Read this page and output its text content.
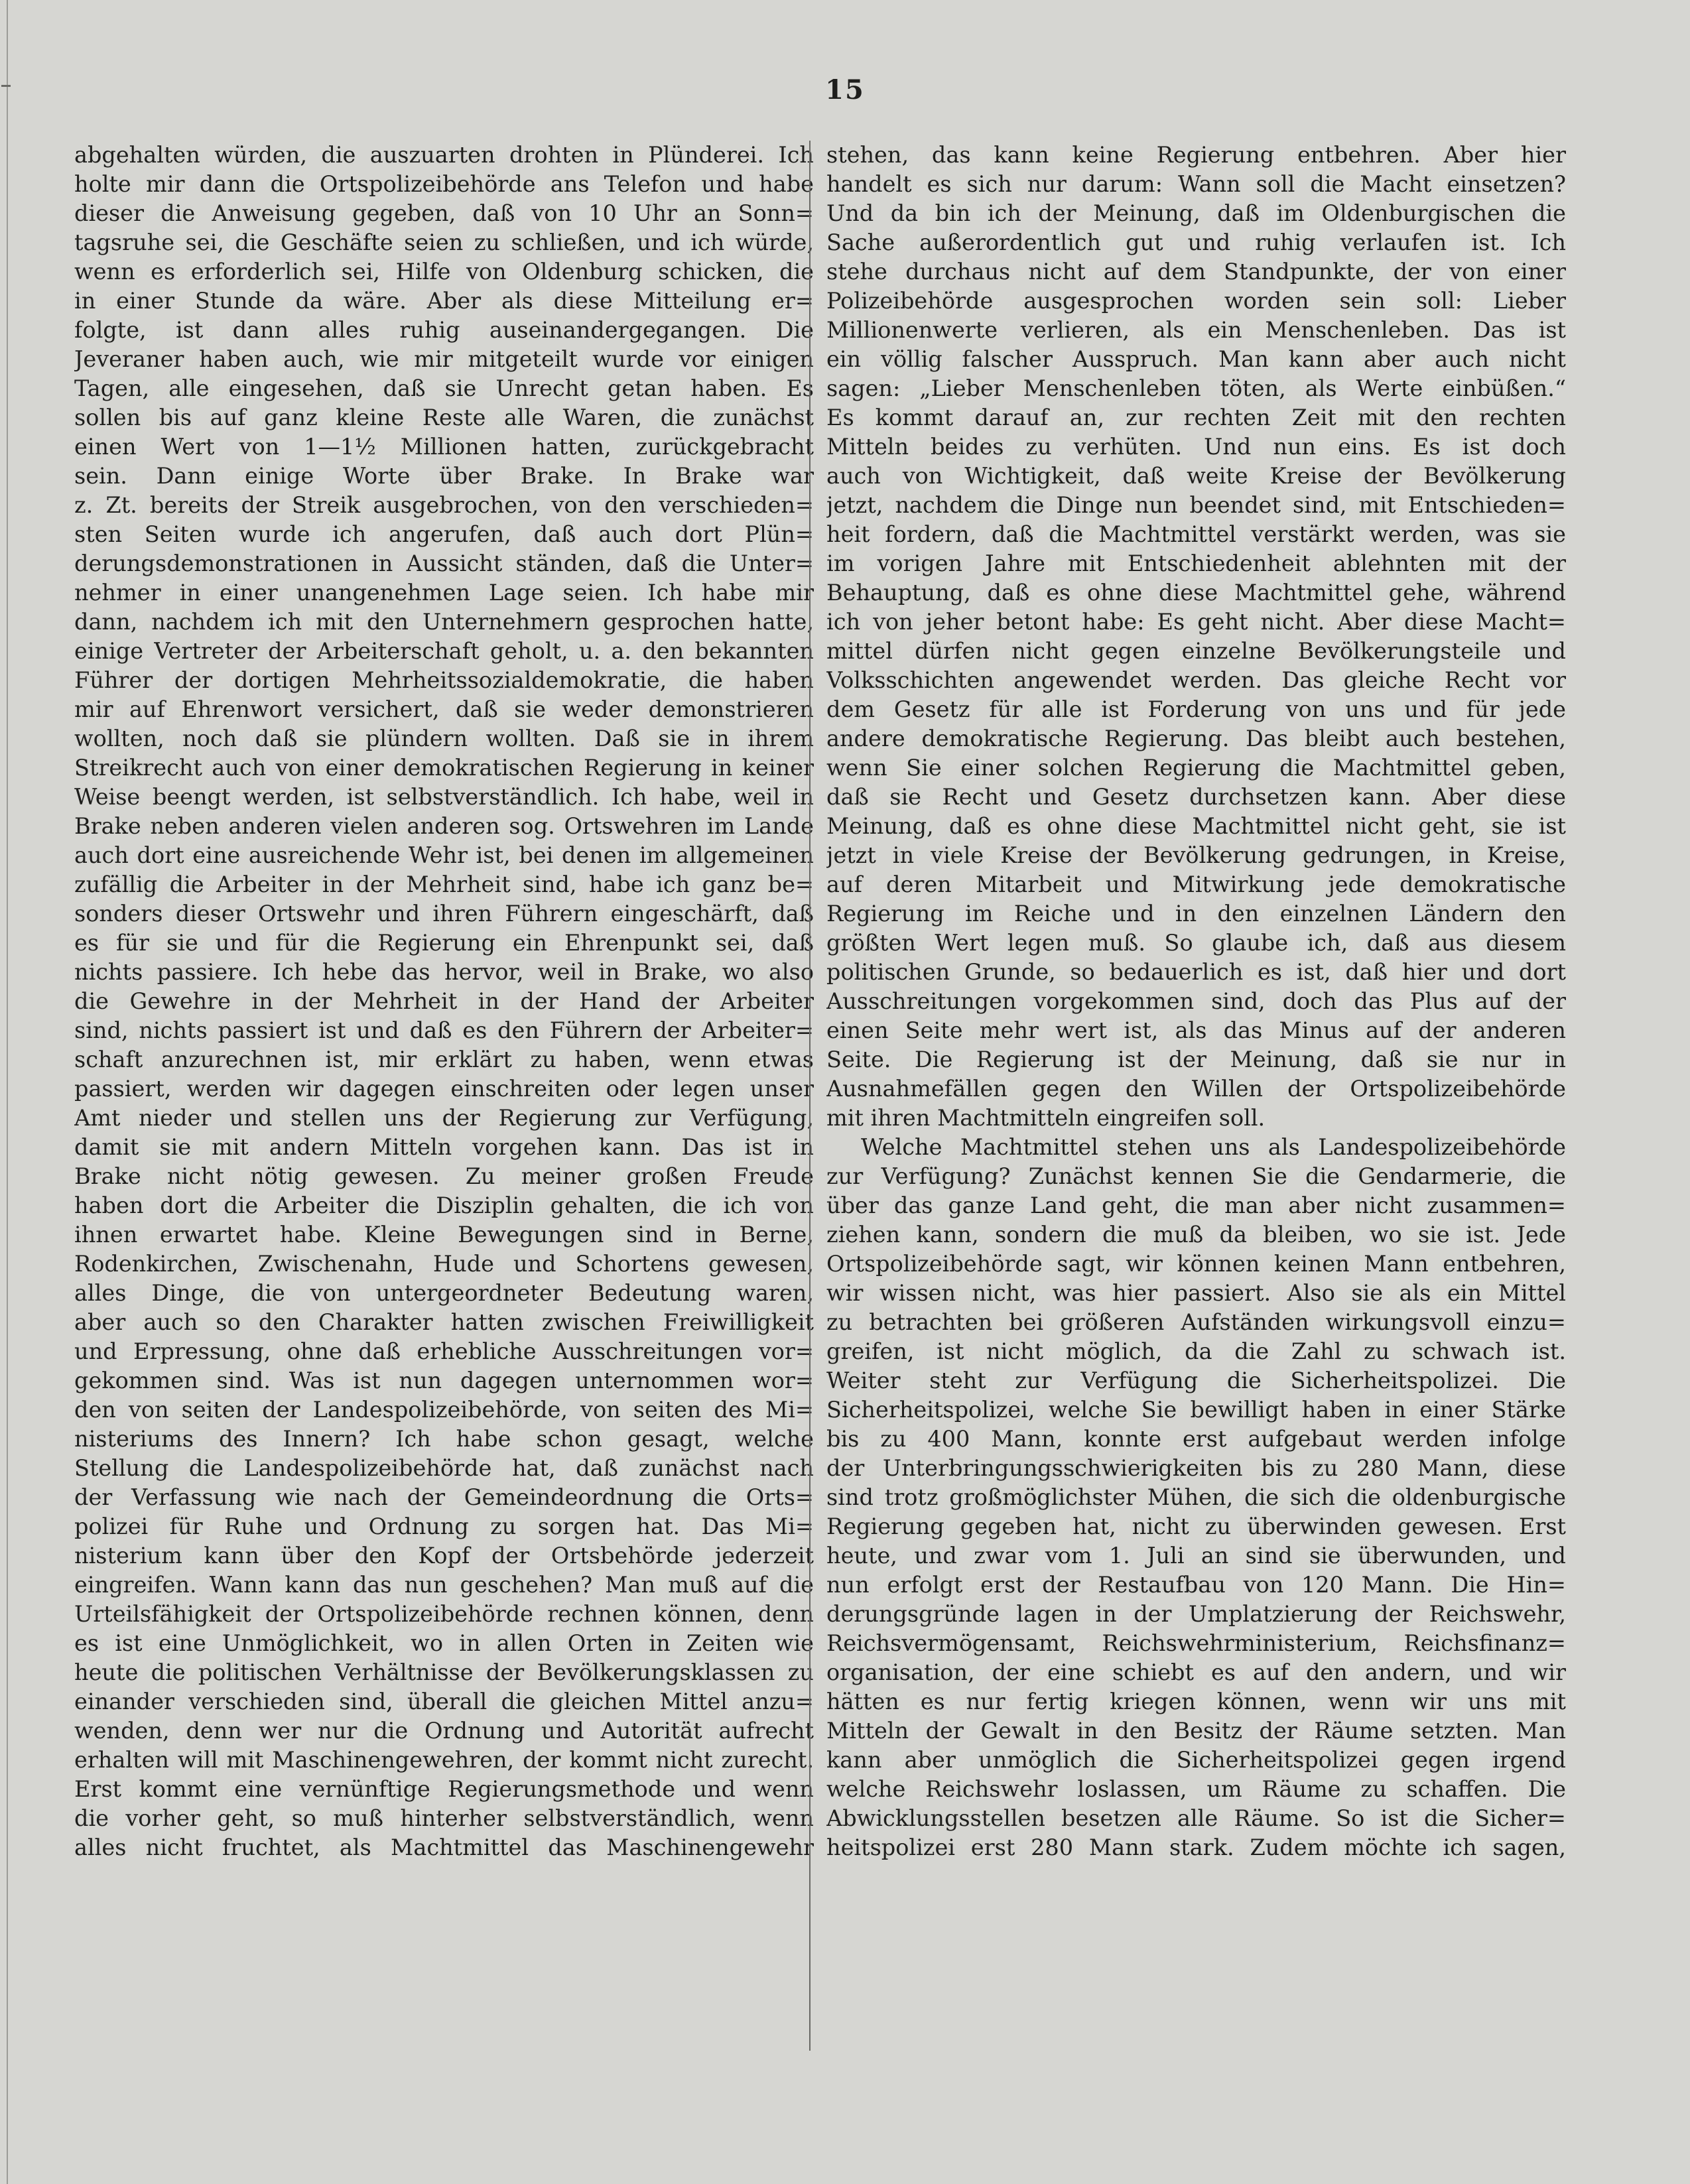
15
abgehalten würden, die auszuarten drohten in Plünderei. Ich
holte mir dann die Ortspolizeibehörde ans Telefon und habe
dieser die Anweisung gegeben, daß von 10 Uhr an Sonn=
tagsruhe sei, die Geschäfte seien zu schließen, und ich würde,
wenn es erforderlich sei, Hilfe von Oldenburg schicken, die
in einer Stunde da wäre. Aber als diese Mitteilung er=
folgte, ist dann alles ruhig auseinandergegangen. Die
Jeveraner haben auch, wie mir mitgeteilt wurde vor einigen
Tagen, alle eingesehen, daß sie Unrecht getan haben. Es
sollen bis auf ganz kleine Reste alle Waren, die zunächst
einen Wert von 1—1½ Millionen hatten, zurückgebracht
sein. Dann einige Worte über Brake. In Brake war
z. Zt. bereits der Streik ausgebrochen, von den verschieden=
sten Seiten wurde ich angerufen, daß auch dort Plün=
derungsdemonstrationen in Aussicht ständen, daß die Unter=
nehmer in einer unangenehmen Lage seien. Ich habe mir
dann, nachdem ich mit den Unternehmern gesprochen hatte,
einige Vertreter der Arbeiterschaft geholt, u. a. den bekannten
Führer der dortigen Mehrheitssozialdemokratie, die haben
mir auf Ehrenwort versichert, daß sie weder demonstrieren
wollten, noch daß sie plündern wollten. Daß sie in ihrem
Streikrecht auch von einer demokratischen Regierung in keiner
Weise beengt werden, ist selbstverständlich. Ich habe, weil in
Brake neben anderen vielen anderen sog. Ortswehren im Lande
auch dort eine ausreichende Wehr ist, bei denen im allgemeinen
zufällig die Arbeiter in der Mehrheit sind, habe ich ganz be=
sonders dieser Ortswehr und ihren Führern eingeschärft, daß
es für sie und für die Regierung ein Ehrenpunkt sei, daß
nichts passiere. Ich hebe das hervor, weil in Brake, wo also
die Gewehre in der Mehrheit in der Hand der Arbeiter
sind, nichts passiert ist und daß es den Führern der Arbeiter=
schaft anzurechnen ist, mir erklärt zu haben, wenn etwas
passiert, werden wir dagegen einschreiten oder legen unser
Amt nieder und stellen uns der Regierung zur Verfügung,
damit sie mit andern Mitteln vorgehen kann. Das ist in
Brake nicht nötig gewesen. Zu meiner großen Freude
haben dort die Arbeiter die Disziplin gehalten, die ich von
ihnen erwartet habe. Kleine Bewegungen sind in Berne,
Rodenkirchen, Zwischenahn, Hude und Schortens gewesen,
alles Dinge, die von untergeordneter Bedeutung waren,
aber auch so den Charakter hatten zwischen Freiwilligkeit
und Erpressung, ohne daß erhebliche Ausschreitungen vor=
gekommen sind. Was ist nun dagegen unternommen wor=
den von seiten der Landespolizeibehörde, von seiten des Mi=
nisteriums des Innern? Ich habe schon gesagt, welche
Stellung die Landespolizeibehörde hat, daß zunächst nach
der Verfassung wie nach der Gemeindeordnung die Orts=
polizei für Ruhe und Ordnung zu sorgen hat. Das Mi=
nisterium kann über den Kopf der Ortsbehörde jederzeit
eingreifen. Wann kann das nun geschehen? Man muß auf die
Urteilsfähigkeit der Ortspolizeibehörde rechnen können, denn
es ist eine Unmöglichkeit, wo in allen Orten in Zeiten wie
heute die politischen Verhältnisse der Bevölkerungsklassen zu
einander verschieden sind, überall die gleichen Mittel anzu=
wenden, denn wer nur die Ordnung und Autorität aufrecht
erhalten will mit Maschinengewehren, der kommt nicht zurecht.
Erst kommt eine vernünftige Regierungsmethode und wenn
die vorher geht, so muß hinterher selbstverständlich, wenn
alles nicht fruchtet, als Machtmittel das Maschinengewehr
stehen, das kann keine Regierung entbehren. Aber hier
handelt es sich nur darum: Wann soll die Macht einsetzen?
Und da bin ich der Meinung, daß im Oldenburgischen die
Sache außerordentlich gut und ruhig verlaufen ist. Ich
stehe durchaus nicht auf dem Standpunkte, der von einer
Polizeibehörde ausgesprochen worden sein soll: Lieber
Millionenwerte verlieren, als ein Menschenleben. Das ist
ein völlig falscher Ausspruch. Man kann aber auch nicht
sagen: „Lieber Menschenleben töten, als Werte einbüßen.“
Es kommt darauf an, zur rechten Zeit mit den rechten
Mitteln beides zu verhüten. Und nun eins. Es ist doch
auch von Wichtigkeit, daß weite Kreise der Bevölkerung
jetzt, nachdem die Dinge nun beendet sind, mit Entschieden=
heit fordern, daß die Machtmittel verstärkt werden, was sie
im vorigen Jahre mit Entschiedenheit ablehnten mit der
Behauptung, daß es ohne diese Machtmittel gehe, während
ich von jeher betont habe: Es geht nicht. Aber diese Macht=
mittel dürfen nicht gegen einzelne Bevölkerungsteile und
Volksschichten angewendet werden. Das gleiche Recht vor
dem Gesetz für alle ist Forderung von uns und für jede
andere demokratische Regierung. Das bleibt auch bestehen,
wenn Sie einer solchen Regierung die Machtmittel geben,
daß sie Recht und Gesetz durchsetzen kann. Aber diese
Meinung, daß es ohne diese Machtmittel nicht geht, sie ist
jetzt in viele Kreise der Bevölkerung gedrungen, in Kreise,
auf deren Mitarbeit und Mitwirkung jede demokratische
Regierung im Reiche und in den einzelnen Ländern den
größten Wert legen muß. So glaube ich, daß aus diesem
politischen Grunde, so bedauerlich es ist, daß hier und dort
Ausschreitungen vorgekommen sind, doch das Plus auf der
einen Seite mehr wert ist, als das Minus auf der anderen
Seite. Die Regierung ist der Meinung, daß sie nur in
Ausnahmefällen gegen den Willen der Ortspolizeibehörde
mit ihren Machtmitteln eingreifen soll.
Welche Machtmittel stehen uns als Landespolizeibehörde
zur Verfügung? Zunächst kennen Sie die Gendarmerie, die
über das ganze Land geht, die man aber nicht zusammen=
ziehen kann, sondern die muß da bleiben, wo sie ist. Jede
Ortspolizeibehörde sagt, wir können keinen Mann entbehren,
wir wissen nicht, was hier passiert. Also sie als ein Mittel
zu betrachten bei größeren Aufständen wirkungsvoll einzu=
greifen, ist nicht möglich, da die Zahl zu schwach ist.
Weiter steht zur Verfügung die Sicherheitspolizei. Die
Sicherheitspolizei, welche Sie bewilligt haben in einer Stärke
bis zu 400 Mann, konnte erst aufgebaut werden infolge
der Unterbringungsschwierigkeiten bis zu 280 Mann, diese
sind trotz großmöglichster Mühen, die sich die oldenburgische
Regierung gegeben hat, nicht zu überwinden gewesen. Erst
heute, und zwar vom 1. Juli an sind sie überwunden, und
nun erfolgt erst der Restaufbau von 120 Mann. Die Hin=
derungsgründe lagen in der Umplatzierung der Reichswehr,
Reichsvermögensamt, Reichswehrministerium, Reichsfinanz=
organisation, der eine schiebt es auf den andern, und wir
hätten es nur fertig kriegen können, wenn wir uns mit
Mitteln der Gewalt in den Besitz der Räume setzten. Man
kann aber unmöglich die Sicherheitspolizei gegen irgend
welche Reichswehr loslassen, um Räume zu schaffen. Die
Abwicklungsstellen besetzen alle Räume. So ist die Sicher=
heitspolizei erst 280 Mann stark. Zudem möchte ich sagen,
